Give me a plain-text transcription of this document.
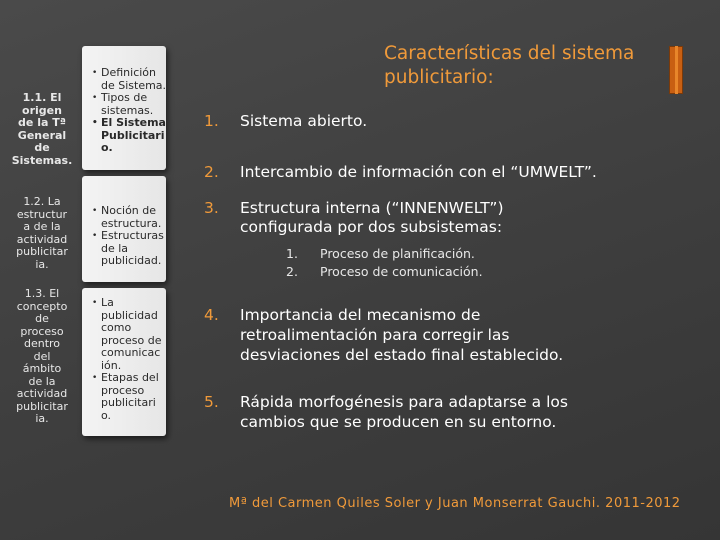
Características del sistema
publicitario:
1.1. El
origen
de la Tª
General
de
Sistemas.
• Definición
de Sistema.
• Tipos de
sistemas.
• El Sistema
Publicitari
o.
1.2. La
estructur
a de la
actividad
publicitar
ia.
• Noción de
estructura.
• Estructuras
de la
publicidad.
1.3. El
concepto
de
proceso
dentro
del
ámbito
de la
actividad
publicitar
ia.
• La
publicidad
como
proceso de
comunicac
ión.
• Etapas del
proceso
publicitari
o.
1. Sistema abierto.
2. Intercambio de información con el “UMWELT”.
3. Estructura interna (“INNENWELT”)
configurada por dos subsistemas:
1. Proceso de planificación.
2. Proceso de comunicación.
4. Importancia del mecanismo de
retroalimentación para corregir las
desviaciones del estado final establecido.
5. Rápida morfogénesis para adaptarse a los
cambios que se producen en su entorno.
Mª del Carmen Quiles Soler y Juan Monserrat Gauchi. 2011-2012
